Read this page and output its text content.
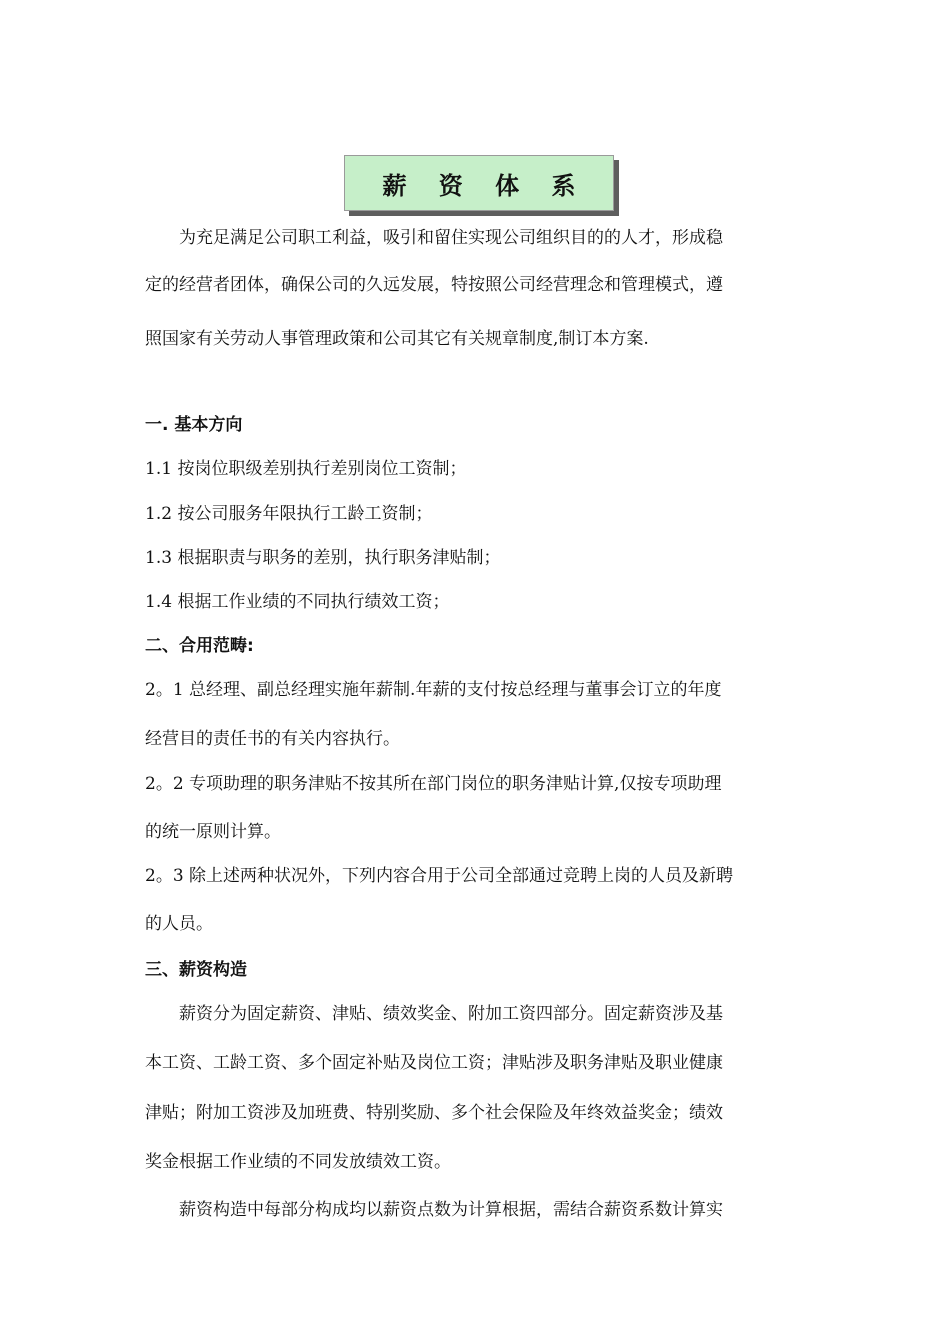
薪 资 体 系
为充足满足公司职工利益，吸引和留住实现公司组织目的的人才，形成稳
定的经营者团体，确保公司的久远发展，特按照公司经营理念和管理模式，遵
照国家有关劳动人事管理政策和公司其它有关规章制度,制订本方案.
一. 基本方向
1.1 按岗位职级差别执行差别岗位工资制；
1.2 按公司服务年限执行工龄工资制；
1.3 根据职责与职务的差别，执行职务津贴制；
1.4 根据工作业绩的不同执行绩效工资；
二、合用范畴:
2。1 总经理、副总经理实施年薪制.年薪的支付按总经理与董事会订立的年度
经营目的责任书的有关内容执行。
2。2 专项助理的职务津贴不按其所在部门岗位的职务津贴计算,仅按专项助理
的统一原则计算。
2。3 除上述两种状况外，下列内容合用于公司全部通过竞聘上岗的人员及新聘
的人员。
三、薪资构造
薪资分为固定薪资、津贴、绩效奖金、附加工资四部分。固定薪资涉及基
本工资、工龄工资、多个固定补贴及岗位工资；津贴涉及职务津贴及职业健康
津贴；附加工资涉及加班费、特别奖励、多个社会保险及年终效益奖金；绩效
奖金根据工作业绩的不同发放绩效工资。
薪资构造中每部分构成均以薪资点数为计算根据，需结合薪资系数计算实
